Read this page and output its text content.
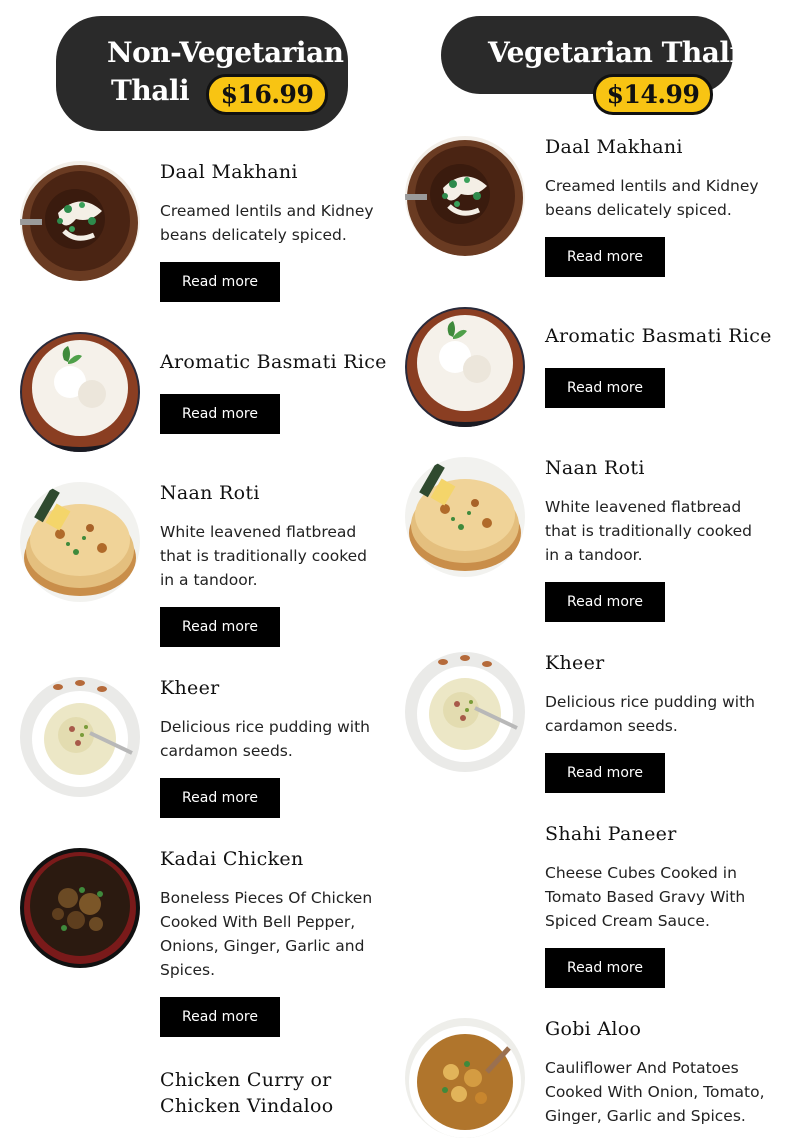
Non-Vegetarian
Thali	$16.99
Daal Makhani
Creamed lentils and Kidney beans delicately spiced.
Read more
Aromatic Basmati Rice
Read more
Naan Roti
White leavened flatbread that is traditionally cooked in a tandoor.
Read more
Kheer
Delicious rice pudding with cardamon seeds.
Read more
Kadai Chicken
Boneless Pieces Of Chicken Cooked With Bell Pepper, Onions, Ginger, Garlic and Spices.
Read more
Chicken Curry or Chicken Vindaloo
Vegetarian Thali
$14.99
Daal Makhani
Creamed lentils and Kidney beans delicately spiced.
Read more
Aromatic Basmati Rice
Read more
Naan Roti
White leavened flatbread that is traditionally cooked in a tandoor.
Read more
Kheer
Delicious rice pudding with cardamon seeds.
Read more
Shahi Paneer
Cheese Cubes Cooked in Tomato Based Gravy With Spiced Cream Sauce.
Read more
Gobi Aloo
Cauliflower And Potatoes Cooked With Onion, Tomato, Ginger, Garlic and Spices.
